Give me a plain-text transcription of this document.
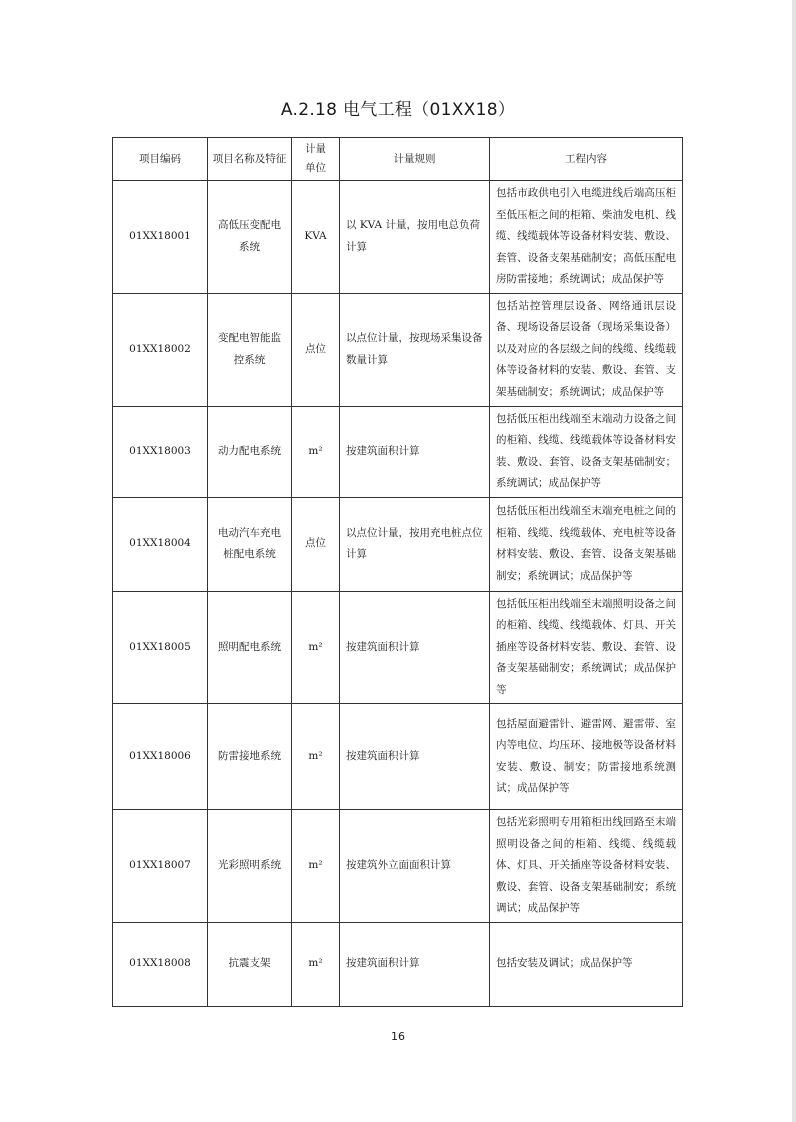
A.2.18 电气工程（01XX18）
项目编码	项目名称及特征	计量单位	计量规则	工程内容
01XX18001	高低压变配电系统	KVA	以 KVA 计量，按用电总负荷计算	包括市政供电引入电缆进线后端高压柜至低压柜之间的柜箱、柴油发电机、线缆、线缆载体等设备材料安装、敷设、套管、设备支架基础制安；高低压配电房防雷接地；系统调试；成品保护等
01XX18002	变配电智能监控系统	点位	以点位计量，按现场采集设备数量计算	包括站控管理层设备、网络通讯层设备、现场设备层设备（现场采集设备）以及对应的各层级之间的线缆、线缆载体等设备材料的安装、敷设、套管、支架基础制安；系统调试；成品保护等
01XX18003	动力配电系统	m²	按建筑面积计算	包括低压柜出线端至末端动力设备之间的柜箱、线缆、线缆载体等设备材料安装、敷设、套管、设备支架基础制安；系统调试；成品保护等
01XX18004	电动汽车充电桩配电系统	点位	以点位计量，按用充电桩点位计算	包括低压柜出线端至末端充电桩之间的柜箱、线缆、线缆载体、充电桩等设备材料安装、敷设、套管、设备支架基础制安；系统调试；成品保护等
01XX18005	照明配电系统	m²	按建筑面积计算	包括低压柜出线端至末端照明设备之间的柜箱、线缆、线缆载体、灯具、开关插座等设备材料安装、敷设、套管、设备支架基础制安；系统调试；成品保护等
01XX18006	防雷接地系统	m²	按建筑面积计算	包括屋面避雷针、避雷网、避雷带、室内等电位、均压环、接地极等设备材料安装、敷设、制安；防雷接地系统测试；成品保护等
01XX18007	光彩照明系统	m²	按建筑外立面面积计算	包括光彩照明专用箱柜出线回路至末端照明设备之间的柜箱、线缆、线缆载体、灯具、开关插座等设备材料安装、敷设、套管、设备支架基础制安；系统调试；成品保护等
01XX18008	抗震支架	m²	按建筑面积计算	包括安装及调试；成品保护等
16
